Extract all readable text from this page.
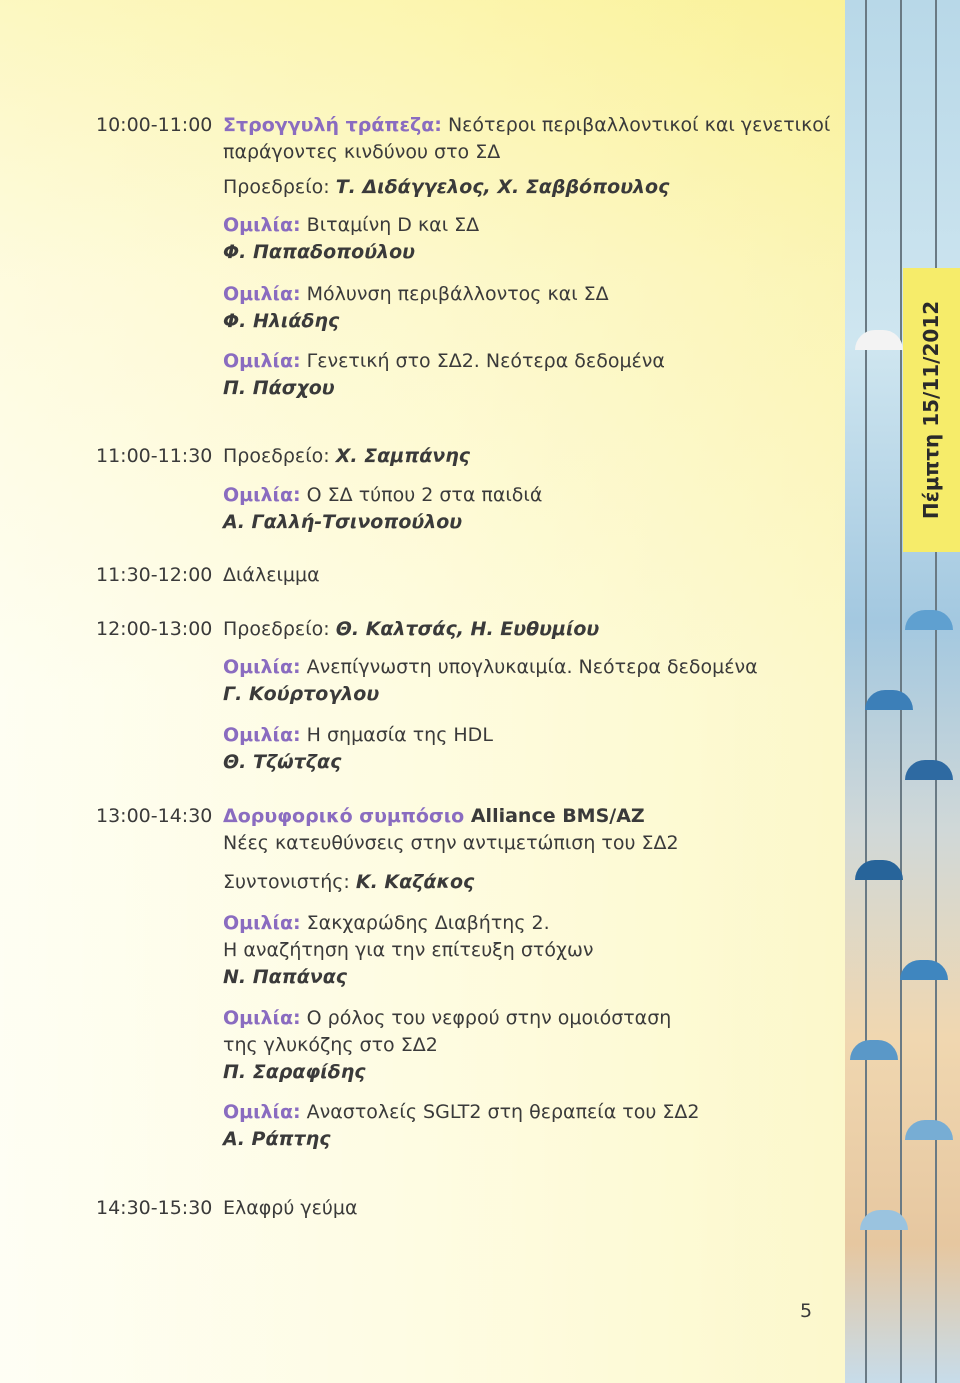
Πέμπτη 15/11/2012
10:00-11:00 Στρογγυλή τράπεζα: Νεότεροι περιβαλλοντικοί και γενετικοί
παράγοντες κινδύνου στο ΣΔ
Προεδρείο: Τ. Διδάγγελος, Χ. Σαββόπουλος
Ομιλία: Βιταμίνη D και ΣΔ
Φ. Παπαδοπούλου
Ομιλία: Μόλυνση περιβάλλοντος και ΣΔ
Φ. Ηλιάδης
Ομιλία: Γενετική στο ΣΔ2. Νεότερα δεδομένα
Π. Πάσχου
11:00-11:30 Προεδρείο: Χ. Σαμπάνης
Ομιλία: Ο ΣΔ τύπου 2 στα παιδιά
Α. Γαλλή-Τσινοπούλου
11:30-12:00 Διάλειμμα
12:00-13:00 Προεδρείο: Θ. Καλτσάς, Η. Ευθυμίου
Ομιλία: Ανεπίγνωστη υπογλυκαιμία. Νεότερα δεδομένα
Γ. Κούρτογλου
Ομιλία: Η σημασία της HDL
Θ. Τζώτζας
13:00-14:30 Δορυφορικό συμπόσιο Alliance BMS/AZ
Νέες κατευθύνσεις στην αντιμετώπιση του ΣΔ2
Συντονιστής: Κ. Καζάκος
Ομιλία: Σακχαρώδης Διαβήτης 2.
Η αναζήτηση για την επίτευξη στόχων
Ν. Παπάνας
Ομιλία: Ο ρόλος του νεφρού στην ομοιόσταση
της γλυκόζης στο ΣΔ2
Π. Σαραφίδης
Ομιλία: Αναστολείς SGLT2 στη θεραπεία του ΣΔ2
Α. Ράπτης
14:30-15:30 Ελαφρύ γεύμα
5
